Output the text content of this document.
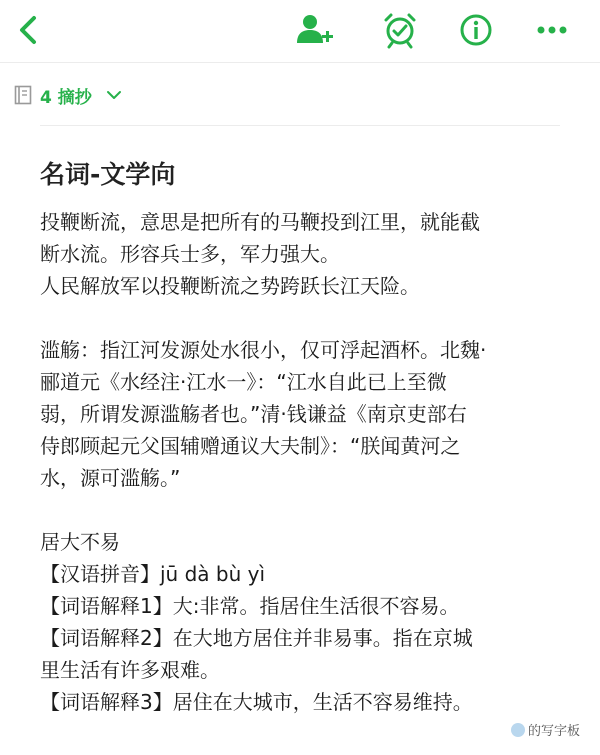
4 摘抄
名词-文学向

投鞭断流，意思是把所有的马鞭投到江里，就能截

断水流。形容兵士多，军力强大。

人民解放军以投鞭断流之势跨跃长江天险。

滥觞：指江河发源处水很小，仅可浮起酒杯。北魏·

郦道元《水经注·江水一》：“江水自此已上至微

弱，所谓发源滥觞者也。”清·钱谦益《南京吏部右

侍郎顾起元父国辅赠通议大夫制》：“朕闻黄河之

水，源可滥觞。”

居大不易

【汉语拼音】jū dà bù yì

【词语解释1】大:非常。指居住生活很不容易。

【词语解释2】在大地方居住并非易事。指在京城

里生活有许多艰难。

【词语解释3】居住在大城市，生活不容易维持。

的写字板
